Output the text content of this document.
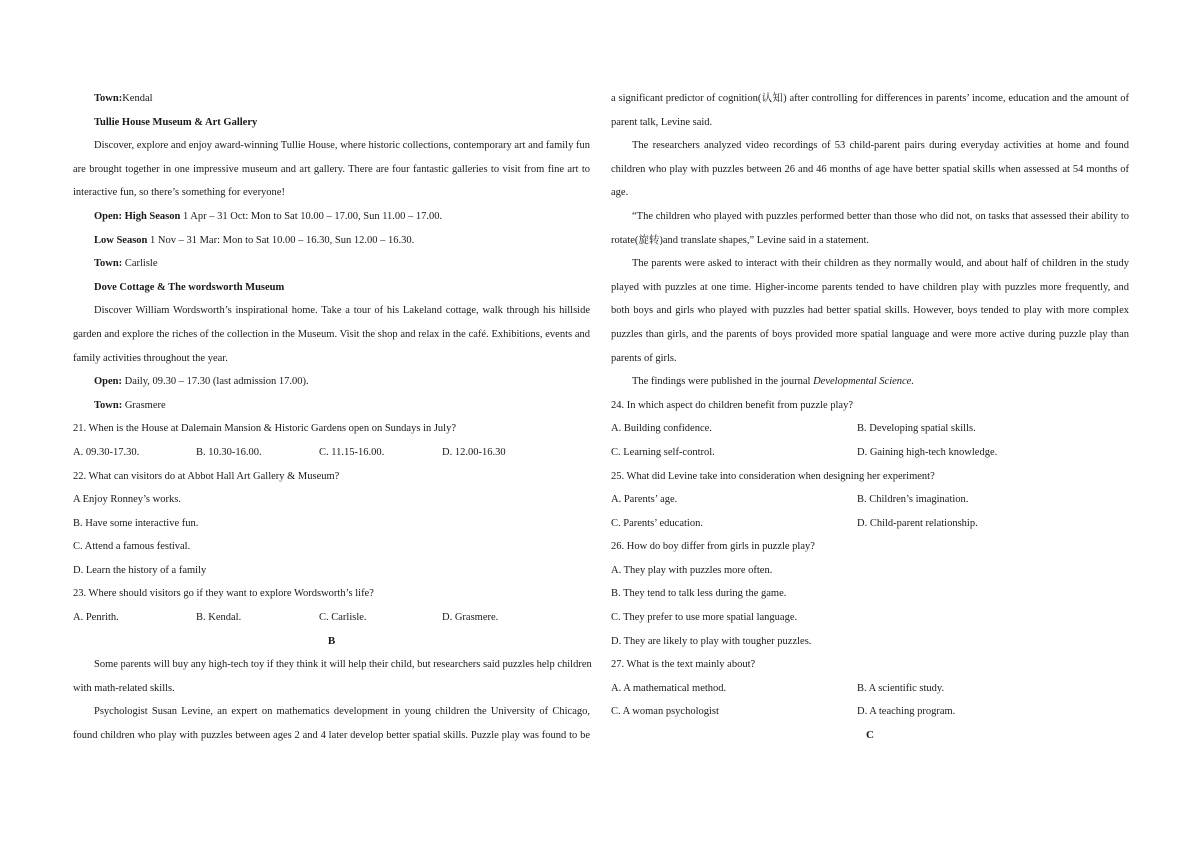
Town:Kendal
Tullie House Museum & Art Gallery
Discover, explore and enjoy award-winning Tullie House, where historic collections, contemporary art and family fun
are brought together in one impressive museum and art gallery. There are four fantastic galleries to visit from fine art to
interactive fun, so there’s something for everyone!
Open: High Season 1 Apr – 31 Oct: Mon to Sat 10.00 – 17.00, Sun 11.00 – 17.00.
Low Season 1 Nov – 31 Mar: Mon to Sat 10.00 – 16.30, Sun 12.00 – 16.30.
Town: Carlisle
Dove Cottage & The wordsworth Museum
Discover William Wordsworth’s inspirational home. Take a tour of his Lakeland cottage, walk through his hillside
garden and explore the riches of the collection in the Museum. Visit the shop and relax in the café. Exhibitions, events and
family activities throughout the year.
Open: Daily, 09.30 – 17.30 (last admission 17.00).
Town: Grasmere
21. When is the House at Dalemain Mansion & Historic Gardens open on Sundays in July?
A. 09.30-17.30.	B. 10.30-16.00.	C. 11.15-16.00.	D. 12.00-16.30
22. What can visitors do at Abbot Hall Art Gallery & Museum?
A Enjoy Ronney’s works.
B. Have some interactive fun.
C. Attend a famous festival.
D. Learn the history of a family
23. Where should visitors go if they want to explore Wordsworth’s life?
A. Penrith.	B. Kendal.	C. Carlisle.	D. Grasmere.
B
Some parents will buy any high-tech toy if they think it will help their child, but researchers said puzzles help children
with math-related skills.
Psychologist Susan Levine, an expert on mathematics development in young children the University of Chicago,
found children who play with puzzles between ages 2 and 4 later develop better spatial skills. Puzzle play was found to be
a significant predictor of cognition(认知) after controlling for differences in parents’ income, education and the amount of
parent talk, Levine said.
The researchers analyzed video recordings of 53 child-parent pairs during everyday activities at home and found
children who play with puzzles between 26 and 46 months of age have better spatial skills when assessed at 54 months of
age.
“The children who played with puzzles performed better than those who did not, on tasks that assessed their ability to
rotate(旋转)and translate shapes,” Levine said in a statement.
The parents were asked to interact with their children as they normally would, and about half of children in the study
played with puzzles at one time. Higher-income parents tended to have children play with puzzles more frequently, and
both boys and girls who played with puzzles had better spatial skills. However, boys tended to play with more complex
puzzles than girls, and the parents of boys provided more spatial language and were more active during puzzle play than
parents of girls.
The findings were published in the journal Developmental Science.
24. In which aspect do children benefit from puzzle play?
A. Building confidence.	B. Developing spatial skills.
C. Learning self-control.	D. Gaining high-tech knowledge.
25. What did Levine take into consideration when designing her experiment?
A. Parents’ age.	B. Children’s imagination.
C. Parents’ education.	D. Child-parent relationship.
26. How do boy differ from girls in puzzle play?
A. They play with puzzles more often.
B. They tend to talk less during the game.
C. They prefer to use more spatial language.
D. They are likely to play with tougher puzzles.
27. What is the text mainly about?
A. A mathematical method.	B. A scientific study.
C. A woman psychologist	D. A teaching program.
C
